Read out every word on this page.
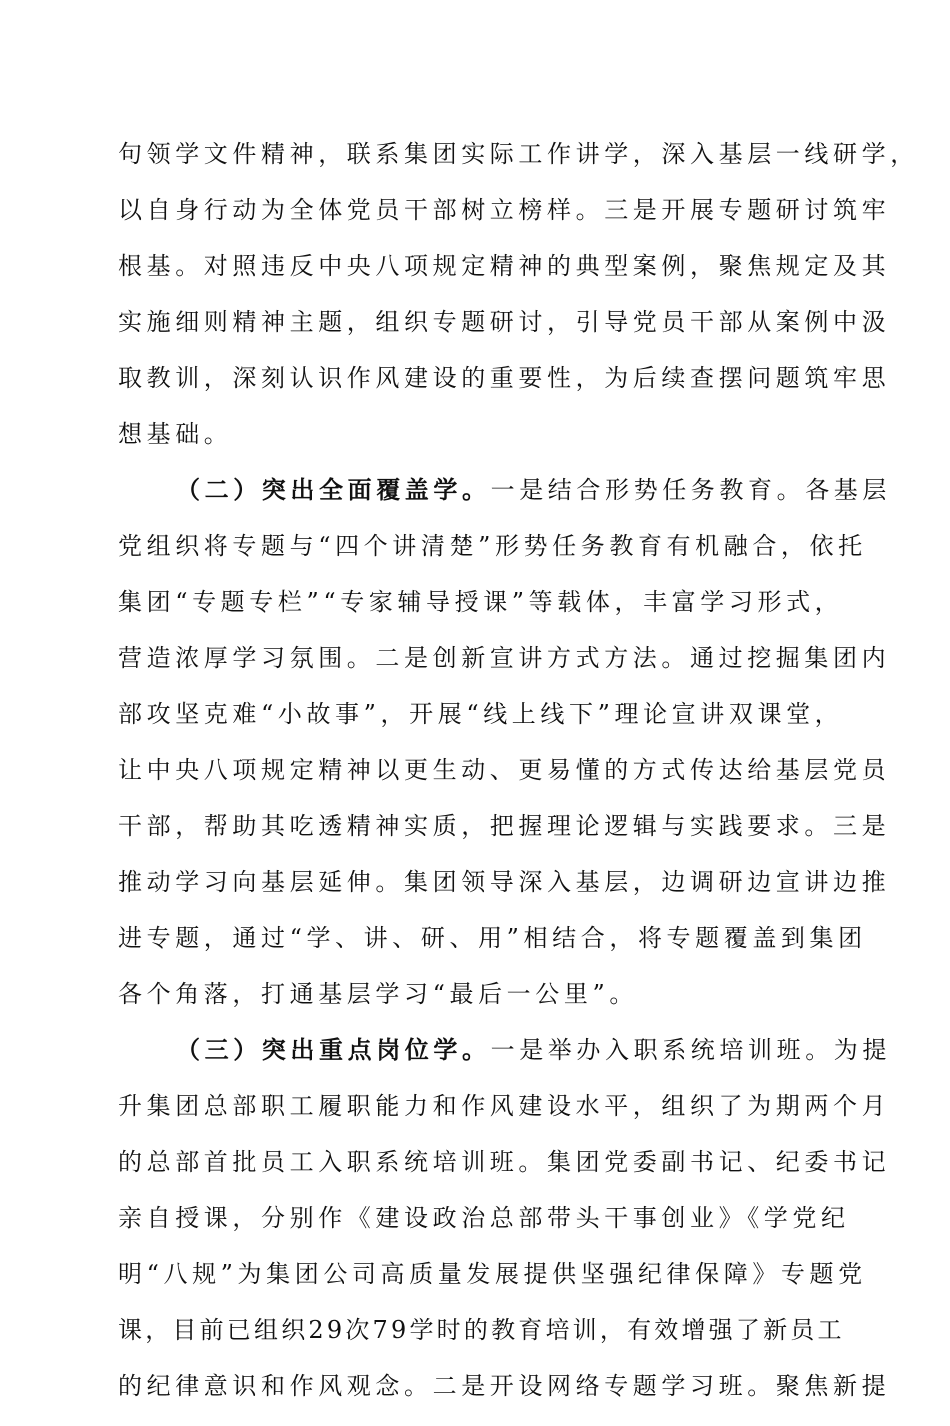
句领学文件精神，联系集团实际工作讲学，深入基层一线研学，
以自身行动为全体党员干部树立榜样。三是开展专题研讨筑牢
根基。对照违反中央八项规定精神的典型案例，聚焦规定及其
实施细则精神主题，组织专题研讨，引导党员干部从案例中汲
取教训，深刻认识作风建设的重要性，为后续查摆问题筑牢思
想基础。
（二）突出全面覆盖学。一是结合形势任务教育。各基层
党组织将专题与“四个讲清楚”形势任务教育有机融合，依托
集团“专题专栏”“专家辅导授课”等载体，丰富学习形式，
营造浓厚学习氛围。二是创新宣讲方式方法。通过挖掘集团内
部攻坚克难“小故事”，开展“线上线下”理论宣讲双课堂，
让中央八项规定精神以更生动、更易懂的方式传达给基层党员
干部，帮助其吃透精神实质，把握理论逻辑与实践要求。三是
推动学习向基层延伸。集团领导深入基层，边调研边宣讲边推
进专题，通过“学、讲、研、用”相结合，将专题覆盖到集团
各个角落，打通基层学习“最后一公里”。
（三）突出重点岗位学。一是举办入职系统培训班。为提
升集团总部职工履职能力和作风建设水平，组织了为期两个月
的总部首批员工入职系统培训班。集团党委副书记、纪委书记
亲自授课，分别作《建设政治总部带头干事创业》《学党纪
明“八规”为集团公司高质量发展提供坚强纪律保障》专题党
课，目前已组织29次79学时的教育培训，有效增强了新员工
的纪律意识和作风观念。二是开设网络专题学习班。聚焦新提
